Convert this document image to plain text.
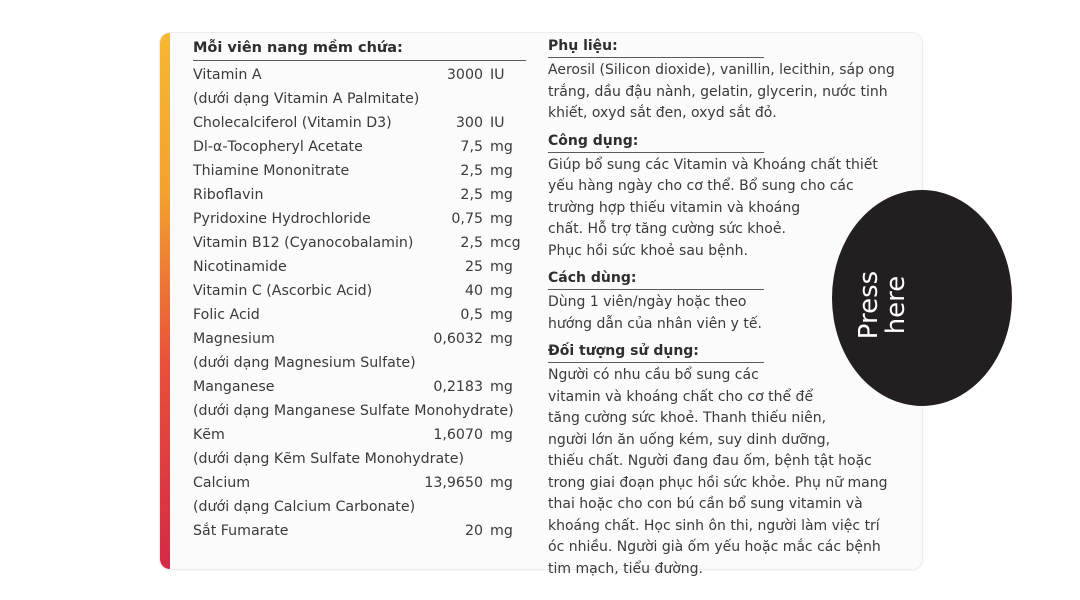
Mỗi viên nang mềm chứa:
Vitamin A	3000 IU
(dưới dạng Vitamin A Palmitate)
Cholecalciferol (Vitamin D3)	300 IU
Dl-α-Tocopheryl Acetate	7,5 mg
Thiamine Mononitrate	2,5 mg
Riboflavin	2,5 mg
Pyridoxine Hydrochloride	0,75 mg
Vitamin B12 (Cyanocobalamin)	2,5 mcg
Nicotinamide	25 mg
Vitamin C (Ascorbic Acid)	40 mg
Folic Acid	0,5 mg
Magnesium	0,6032 mg
(dưới dạng Magnesium Sulfate)
Manganese	0,2183 mg
(dưới dạng Manganese Sulfate Monohydrate)
Kẽm	1,6070 mg
(dưới dạng Kẽm Sulfate Monohydrate)
Calcium	13,9650 mg
(dưới dạng Calcium Carbonate)
Sắt Fumarate	20 mg
Phụ liệu:
Aerosil (Silicon dioxide), vanillin, lecithin, sáp ong
trắng, dầu đậu nành, gelatin, glycerin, nước tinh
khiết, oxyd sắt đen, oxyd sắt đỏ.
Công dụng:
Giúp bổ sung các Vitamin và Khoáng chất thiết
yếu hàng ngày cho cơ thể. Bổ sung cho các
trường hợp thiếu vitamin và khoáng
chất. Hỗ trợ tăng cường sức khoẻ.
Phục hồi sức khoẻ sau bệnh.
Cách dùng:
Dùng 1 viên/ngày hoặc theo
hướng dẫn của nhân viên y tế.
Đối tượng sử dụng:
Người có nhu cầu bổ sung các
vitamin và khoáng chất cho cơ thể để
tăng cường sức khoẻ. Thanh thiếu niên,
người lớn ăn uống kém, suy dinh dưỡng,
thiếu chất. Người đang đau ốm, bệnh tật hoặc
trong giai đoạn phục hồi sức khỏe. Phụ nữ mang
thai hoặc cho con bú cần bổ sung vitamin và
khoáng chất. Học sinh ôn thi, người làm việc trí
óc nhiều. Người già ốm yếu hoặc mắc các bệnh
tim mạch, tiểu đường.
Press
here
